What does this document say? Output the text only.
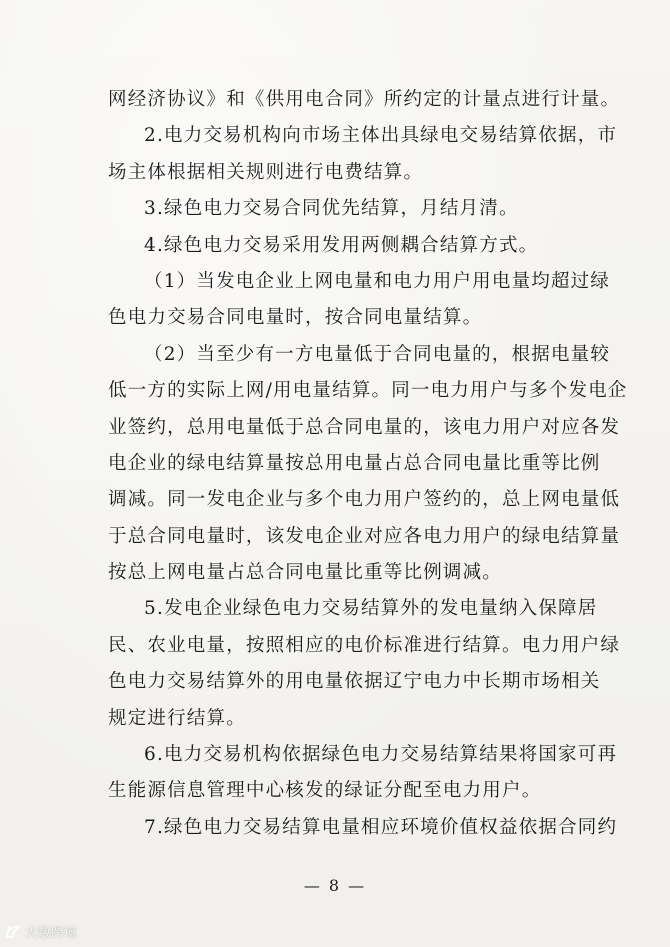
网经济协议》和《供用电合同》所约定的计量点进行计量。
2.电力交易机构向市场主体出具绿电交易结算依据，市
场主体根据相关规则进行电费结算。
3.绿色电力交易合同优先结算，月结月清。
4.绿色电力交易采用发用两侧耦合结算方式。
（1）当发电企业上网电量和电力用户用电量均超过绿
色电力交易合同电量时，按合同电量结算。
（2）当至少有一方电量低于合同电量的，根据电量较
低一方的实际上网/用电量结算。同一电力用户与多个发电企
业签约，总用电量低于总合同电量的，该电力用户对应各发
电企业的绿电结算量按总用电量占总合同电量比重等比例
调减。同一发电企业与多个电力用户签约的，总上网电量低
于总合同电量时，该发电企业对应各电力用户的绿电结算量
按总上网电量占总合同电量比重等比例调减。
5.发电企业绿色电力交易结算外的发电量纳入保障居
民、农业电量，按照相应的电价标准进行结算。电力用户绿
色电力交易结算外的用电量依据辽宁电力中长期市场相关
规定进行结算。
6.电力交易机构依据绿色电力交易结算结果将国家可再
生能源信息管理中心核发的绿证分配至电力用户。
7.绿色电力交易结算电量相应环境价值权益依据合同约
— 8 —
大数跨境
